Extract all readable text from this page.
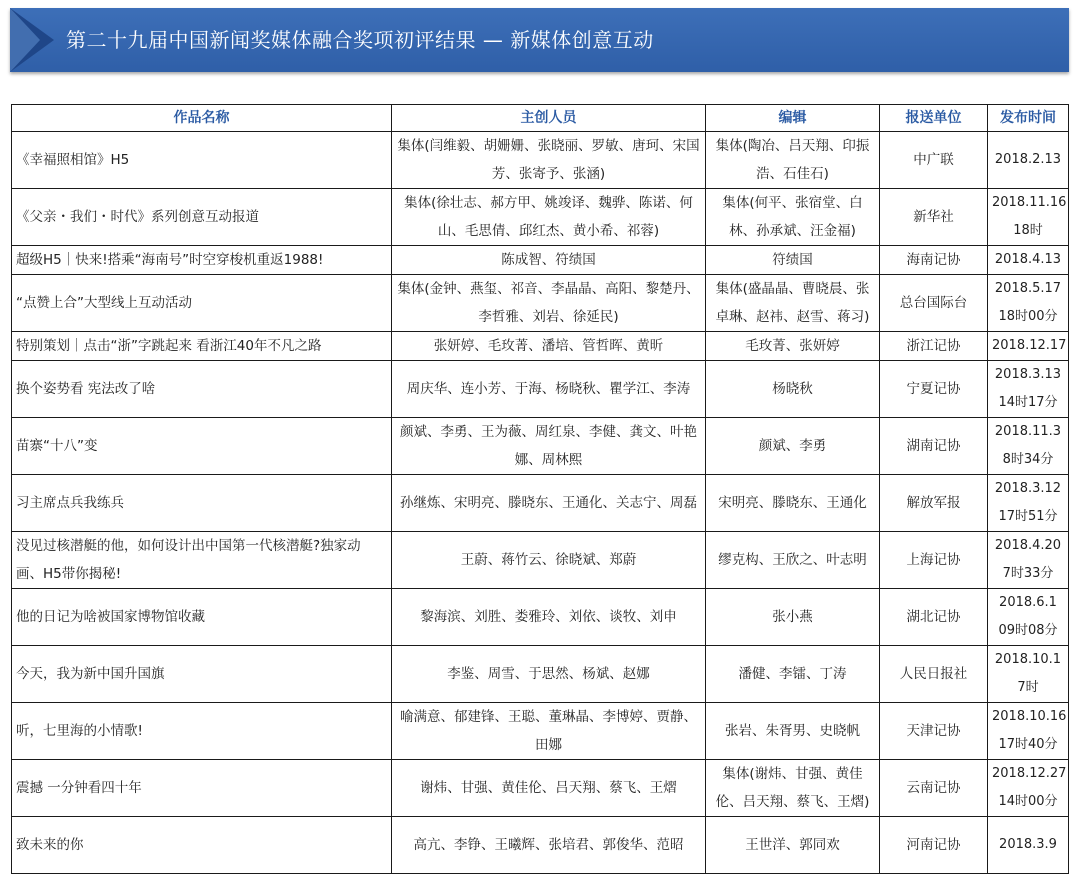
第二十九届中国新闻奖媒体融合奖项初评结果 — 新媒体创意互动
作品名称	主创人员	编辑	报送单位	发布时间
《幸福照相馆》H5	集体(闫维毅、胡姗姗、张晓丽、罗敏、唐珂、宋国芳、张寄予、张涵)	集体(陶冶、吕天翔、印振浩、石佳石)	中广联	2018.2.13
《父亲・我们・时代》系列创意互动报道	集体(徐壮志、郝方甲、姚竣译、魏骅、陈诺、何山、毛思倩、邱红杰、黄小希、祁蓉)	集体(何平、张宿堂、白林、孙承斌、汪金福)	新华社	2018.11.16 18时
超级H5｜快来!搭乘“海南号”时空穿梭机重返1988!	陈成智、符绩国	符绩国	海南记协	2018.4.13
“点赞上合”大型线上互动活动	集体(金钟、燕玺、祁音、李晶晶、高阳、黎楚丹、李哲雅、刘岩、徐延民)	集体(盛晶晶、曹晓晨、张卓琳、赵祎、赵雪、蒋习)	总台国际台	2018.5.17 18时00分
特别策划｜点击“浙”字跳起来 看浙江40年不凡之路	张妍婷、毛玫菁、潘培、管哲晖、黄昕	毛玫菁、张妍婷	浙江记协	2018.12.17
换个姿势看 宪法改了啥	周庆华、连小芳、于海、杨晓秋、瞿学江、李涛	杨晓秋	宁夏记协	2018.3.13 14时17分
苗寨“十八”变	颜斌、李勇、王为薇、周红泉、李健、龚文、叶艳娜、周林熙	颜斌、李勇	湖南记协	2018.11.3 8时34分
习主席点兵我练兵	孙继炼、宋明亮、滕晓东、王通化、关志宁、周磊	宋明亮、滕晓东、王通化	解放军报	2018.3.12 17时51分
没见过核潜艇的他，如何设计出中国第一代核潜艇?独家动画、H5带你揭秘!	王蔚、蒋竹云、徐晓斌、郑蔚	缪克构、王欣之、叶志明	上海记协	2018.4.20 7时33分
他的日记为啥被国家博物馆收藏	黎海滨、刘胜、娄雅玲、刘依、谈牧、刘申	张小燕	湖北记协	2018.6.1 09时08分
今天，我为新中国升国旗	李鉴、周雪、于思然、杨斌、赵娜	潘健、李镭、丁涛	人民日报社	2018.10.1 7时
听，七里海的小情歌!	喻满意、郁建锋、王聪、董琳晶、李博婷、贾静、田娜	张岩、朱胥男、史晓帆	天津记协	2018.10.16 17时40分
震撼 一分钟看四十年	谢炜、甘强、黄佳伦、吕天翔、蔡飞、王熠	集体(谢炜、甘强、黄佳伦、吕天翔、蔡飞、王熠)	云南记协	2018.12.27 14时00分
致未来的你	高亢、李铮、王曦辉、张培君、郭俊华、范昭	王世洋、郭同欢	河南记协	2018.3.9
